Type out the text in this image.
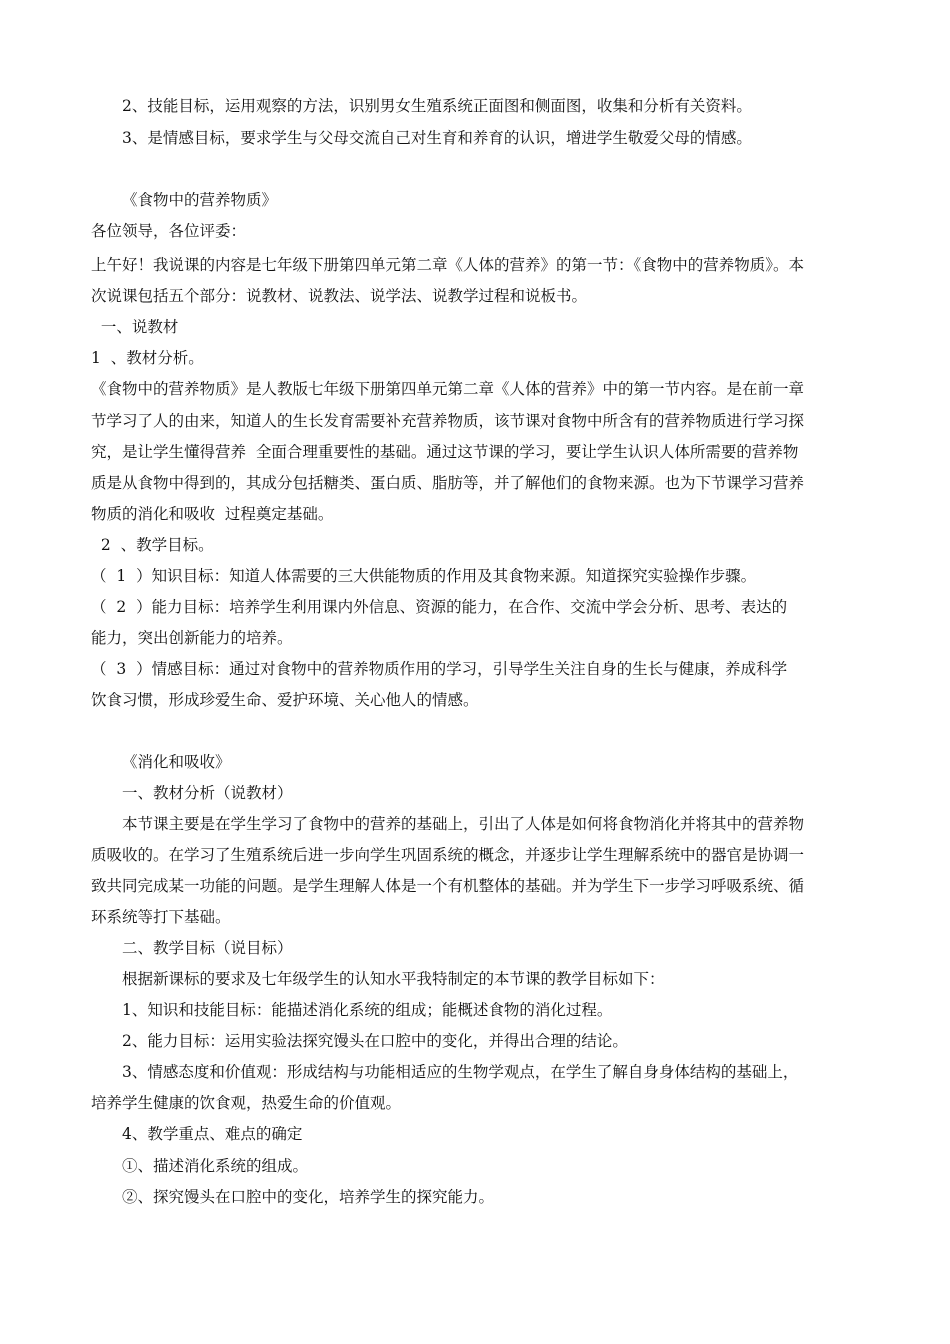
2、技能目标，运用观察的方法，识别男女生殖系统正面图和侧面图，收集和分析有关资料。
3、是情感目标，要求学生与父母交流自己对生育和养育的认识，增进学生敬爱父母的情感。
《食物中的营养物质》
各位领导，各位评委：
上午好！我说课的内容是七年级下册第四单元第二章《人体的营养》的第一节：《食物中的营养物质》。本
次说课包括五个部分：说教材、说教法、说学法、说教学过程和说板书。
一、说教材
1  、教材分析。
《食物中的营养物质》是人教版七年级下册第四单元第二章《人体的营养》中的第一节内容。是在前一章
节学习了人的由来，知道人的生长发育需要补充营养物质，该节课对食物中所含有的营养物质进行学习探
究，是让学生懂得营养  全面合理重要性的基础。通过这节课的学习，要让学生认识人体所需要的营养物
质是从食物中得到的，其成分包括糖类、蛋白质、脂肪等，并了解他们的食物来源。也为下节课学习营养
物质的消化和吸收  过程奠定基础。
2  、教学目标。
（  1  ）知识目标：知道人体需要的三大供能物质的作用及其食物来源。知道探究实验操作步骤。
（  2  ）能力目标：培养学生利用课内外信息、资源的能力，在合作、交流中学会分析、思考、表达的
能力，突出创新能力的培养。
（  3  ）情感目标：通过对食物中的营养物质作用的学习，引导学生关注自身的生长与健康，养成科学
饮食习惯，形成珍爱生命、爱护环境、关心他人的情感。
《消化和吸收》
一、教材分析（说教材）
本节课主要是在学生学习了食物中的营养的基础上，引出了人体是如何将食物消化并将其中的营养物
质吸收的。在学习了生殖系统后进一步向学生巩固系统的概念，并逐步让学生理解系统中的器官是协调一
致共同完成某一功能的问题。是学生理解人体是一个有机整体的基础。并为学生下一步学习呼吸系统、循
环系统等打下基础。
二、教学目标（说目标）
根据新课标的要求及七年级学生的认知水平我特制定的本节课的教学目标如下：
1、知识和技能目标：能描述消化系统的组成；能概述食物的消化过程。
2、能力目标：运用实验法探究馒头在口腔中的变化，并得出合理的结论。
3、情感态度和价值观：形成结构与功能相适应的生物学观点，在学生了解自身身体结构的基础上，
培养学生健康的饮食观，热爱生命的价值观。
4、教学重点、难点的确定
①、描述消化系统的组成。
②、探究馒头在口腔中的变化，培养学生的探究能力。
